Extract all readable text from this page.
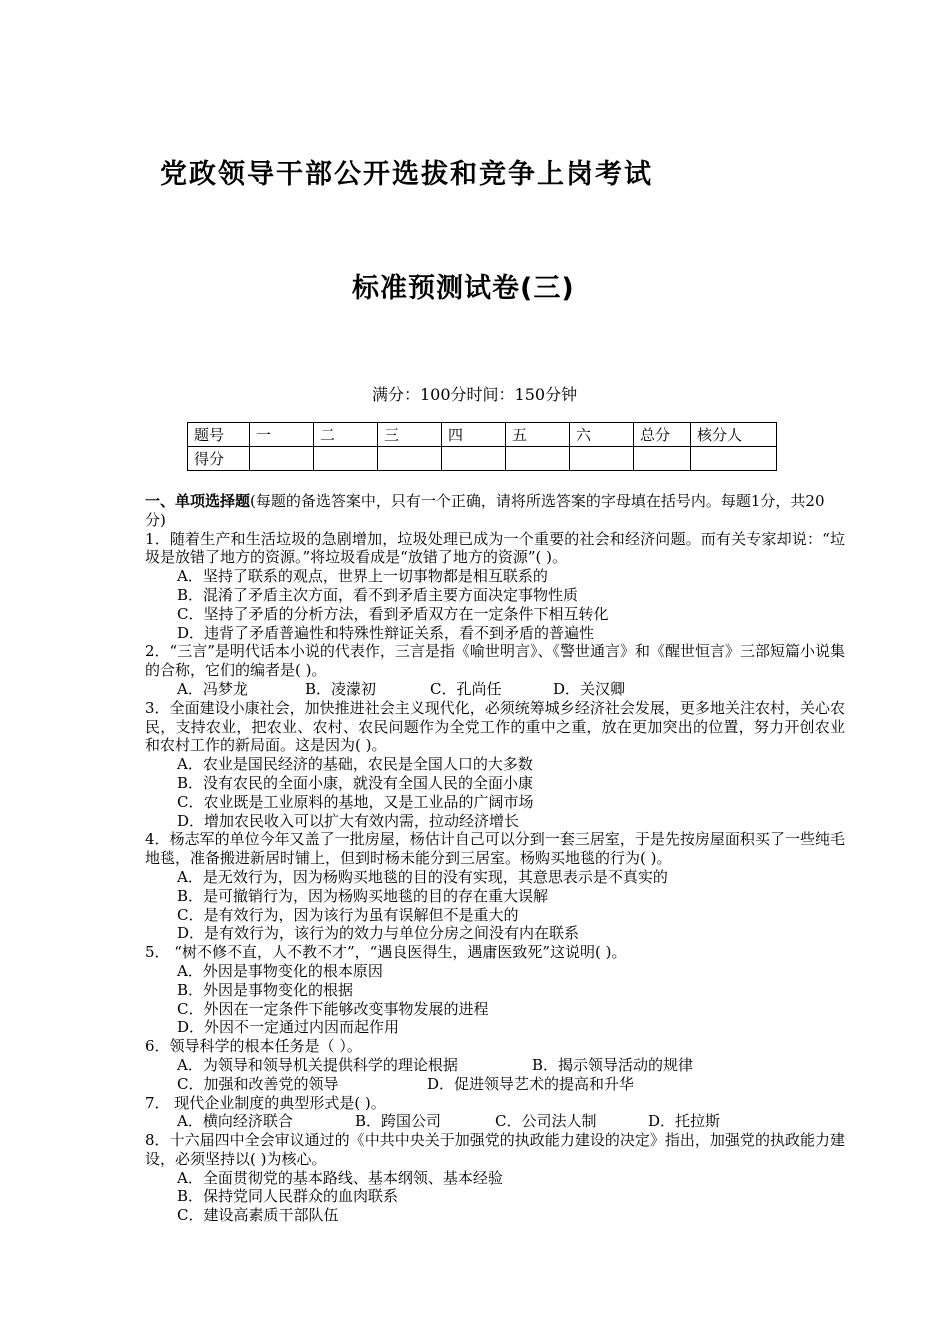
党政领导干部公开选拔和竞争上岗考试
标准预测试卷(三)
满分：100分时间：150分钟
题号	一	二	三	四	五	六	总分	核分人
得分								

一、单项选择题(每题的备选答案中，只有一个正确，请将所选答案的字母填在括号内。每题1分，共20分)

1．随着生产和生活垃圾的急剧增加，垃圾处理已成为一个重要的社会和经济问题。而有关专家却说：“垃圾是放错了地方的资源。”将垃圾看成是“放错了地方的资源”( )。

A．坚持了联系的观点，世界上一切事物都是相互联系的

B．混淆了矛盾主次方面，看不到矛盾主要方面决定事物性质

C．坚持了矛盾的分析方法，看到矛盾双方在一定条件下相互转化

D．违背了矛盾普遍性和特殊性辩证关系，看不到矛盾的普遍性

2．“三言”是明代话本小说的代表作，三言是指《喻世明言》、《警世通言》和《醒世恒言》三部短篇小说集的合称，它们的编者是( )。

A．冯梦龙	B．凌濛初	C．孔尚任	D．关汉卿

3．全面建设小康社会，加快推进社会主义现代化，必须统筹城乡经济社会发展，更多地关注农村，关心农民，支持农业，把农业、农村、农民问题作为全党工作的重中之重，放在更加突出的位置，努力开创农业和农村工作的新局面。这是因为( )。

A．农业是国民经济的基础，农民是全国人口的大多数

B．没有农民的全面小康，就没有全国人民的全面小康

C．农业既是工业原料的基地，又是工业品的广阔市场

D．增加农民收入可以扩大有效内需，拉动经济增长

4．杨志军的单位今年又盖了一批房屋，杨估计自己可以分到一套三居室，于是先按房屋面积买了一些纯毛地毯，准备搬进新居时铺上，但到时杨未能分到三居室。杨购买地毯的行为( )。

A．是无效行为，因为杨购买地毯的目的没有实现，其意思表示是不真实的

B．是可撤销行为，因为杨购买地毯的目的存在重大误解

C．是有效行为，因为该行为虽有误解但不是重大的

D．是有效行为，该行为的效力与单位分房之间没有内在联系

5． “树不修不直，人不教不才”，“遇良医得生，遇庸医致死”这说明( )。

A．外因是事物变化的根本原因

B．外因是事物变化的根据

C．外因在一定条件下能够改变事物发展的进程

D．外因不一定通过内因而起作用

6．领导科学的根本任务是（ ）。

A．为领导和领导机关提供科学的理论根据	B．揭示领导活动的规律

C．加强和改善党的领导	D．促进领导艺术的提高和升华

7． 现代企业制度的典型形式是( )。

A．横向经济联合	B．跨国公司	C．公司法人制	D．托拉斯

8．十六届四中全会审议通过的《中共中央关于加强党的执政能力建设的决定》指出，加强党的执政能力建设，必须坚持以( )为核心。

A．全面贯彻党的基本路线、基本纲领、基本经验

B．保持党同人民群众的血肉联系

C．建设高素质干部队伍
